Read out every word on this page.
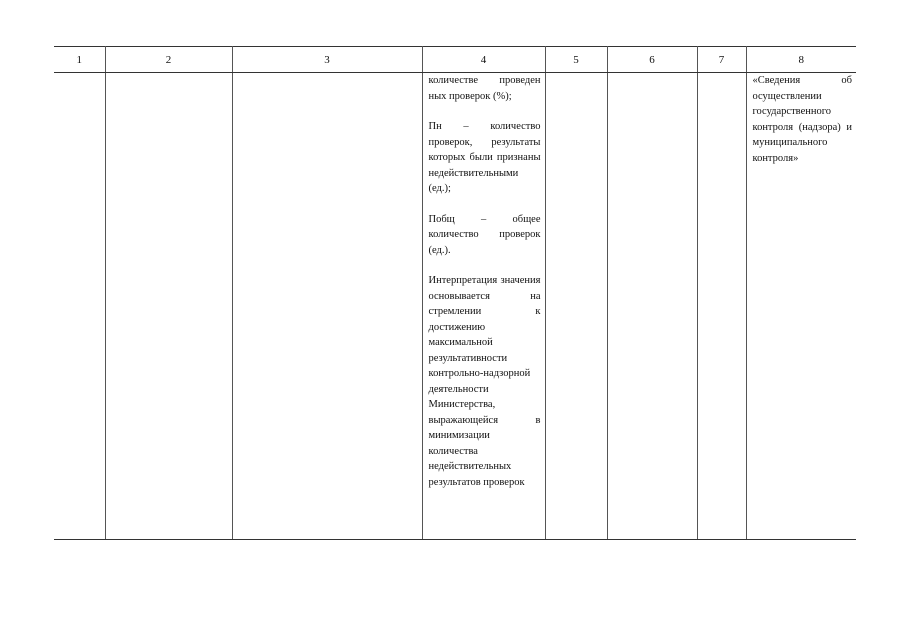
1	2	3	4	5	6	7	8

			количестве проведен ных проверок (%);

Пн – количество проверок, результаты которых были признаны недействительными (ед.);

Побщ – общее количество проверок (ед.).

Интерпретация значения основывается на стремлении к достижению максимальной результативности контрольно-надзорной деятельности Министерства, выражающейся в минимизации количества недействительных результатов проверок				«Сведения об осуществлении государственного контроля (надзора) и муниципального контроля»
